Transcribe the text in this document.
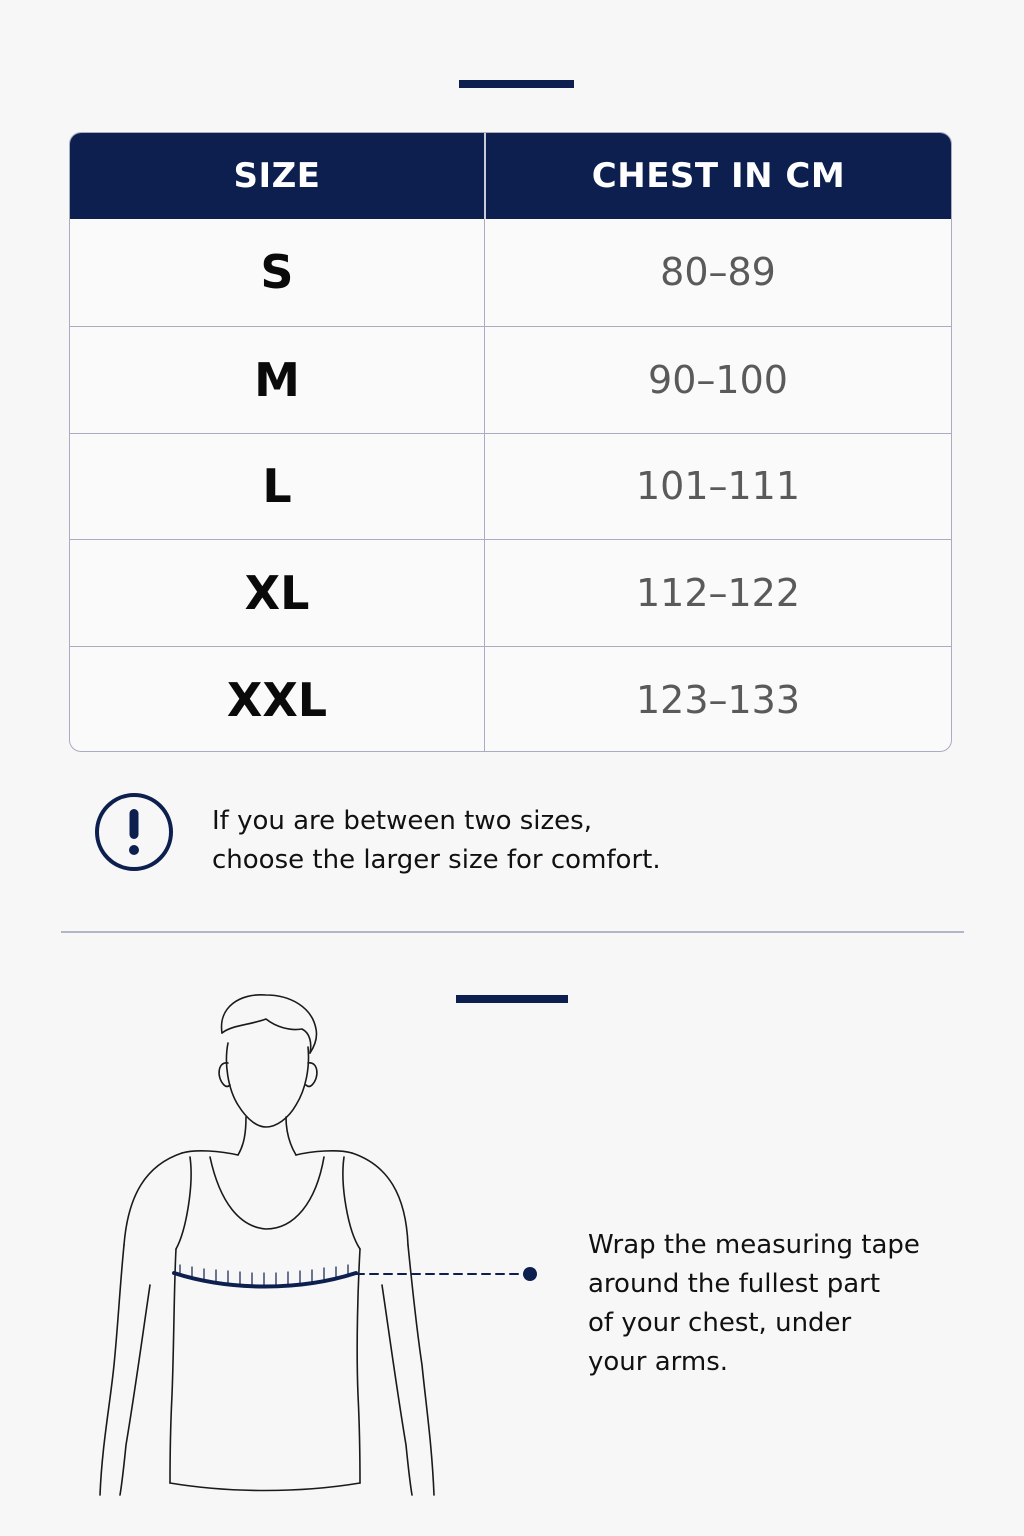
SIZE	CHEST IN CM
S	80–89
M	90–100
L	101–111
XL	112–122
XXL	123–133
If you are between two sizes,
choose the larger size for comfort.
Wrap the measuring tape
around the fullest part
of your chest, under
your arms.
